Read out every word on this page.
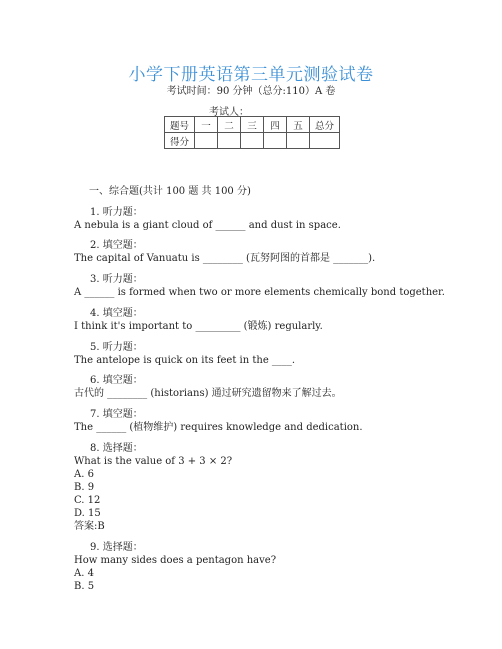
小学下册英语第三单元测验试卷
考试时间：90 分钟（总分:110）A 卷
考试人：
题号	一	二	三	四	五	总分
得分						
一、综合题(共计 100 题 共 100 分)
1. 听力题：
A nebula is a giant cloud of ______ and dust in space.
2. 填空题：
The capital of Vanuatu is ________ (瓦努阿图的首都是 _______).
3. 听力题：
A ______ is formed when two or more elements chemically bond together.
4. 填空题：
I think it's important to _________ (锻炼) regularly.
5. 听力题：
The antelope is quick on its feet in the ____.
6. 填空题：
古代的 ________ (historians) 通过研究遗留物来了解过去。
7. 填空题：
The ______ (植物维护) requires knowledge and dedication.
8. 选择题：
What is the value of 3 + 3 × 2?
A. 6
B. 9
C. 12
D. 15
答案:B
9. 选择题：
How many sides does a pentagon have?
A. 4
B. 5
